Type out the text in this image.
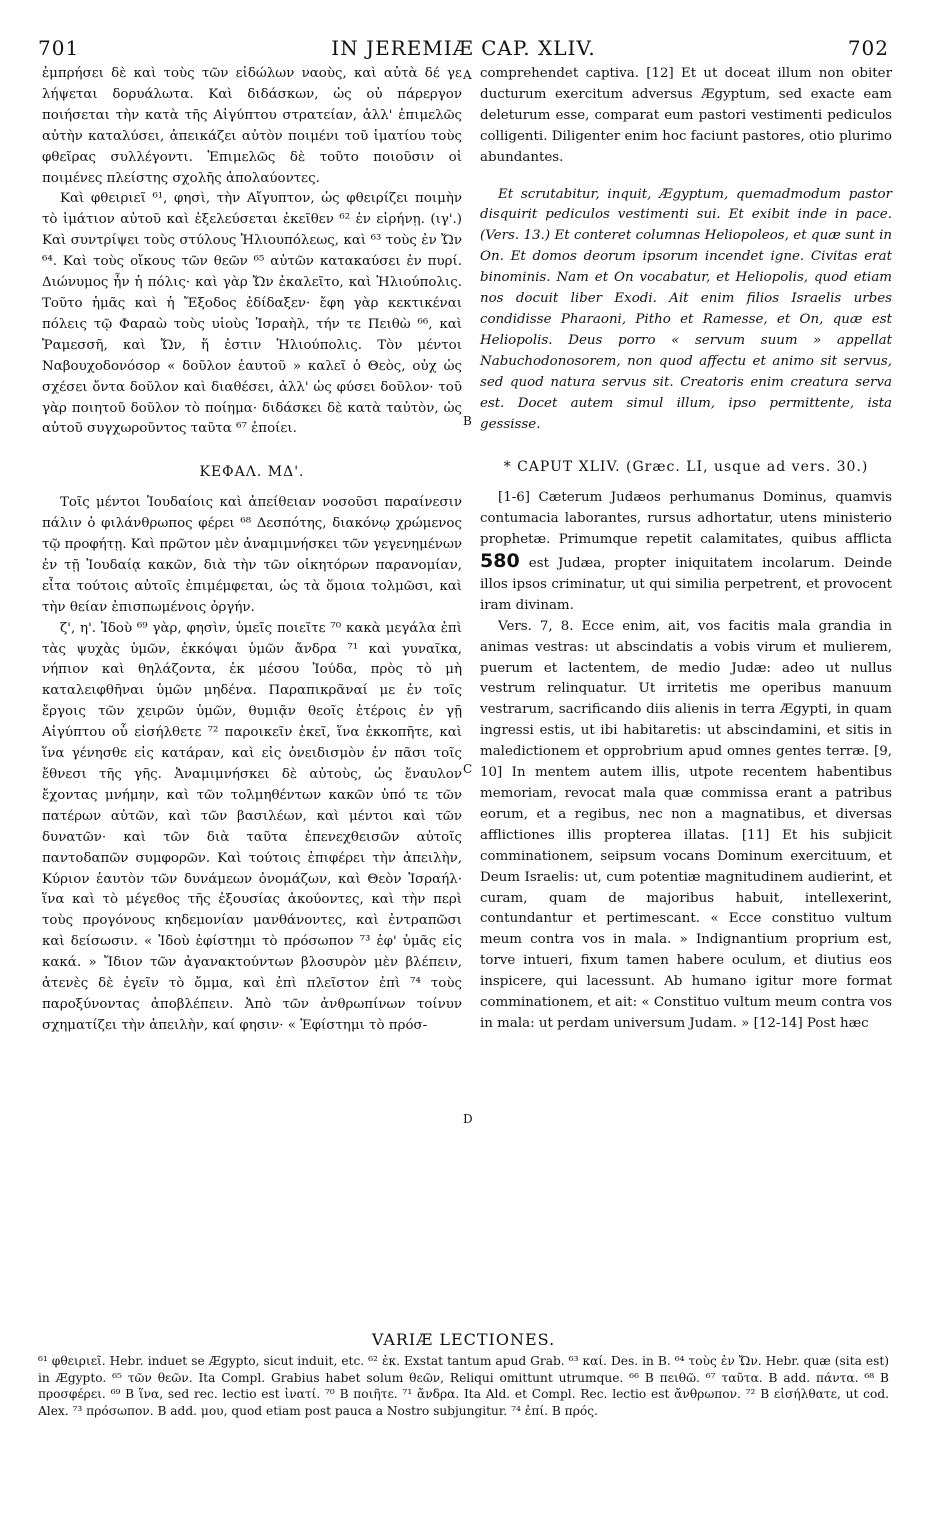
701	IN JEREMIÆ CAP. XLIV.	702

ἐμπρήσει δὲ καὶ τοὺς τῶν εἰδώλων ναοὺς, καὶ αὐτὰ δέ γε λήψεται δορυάλωτα. Καὶ διδάσκων, ὡς οὐ πάρεργον ποιήσεται τὴν κατὰ τῆς Αἰγύπτου στρατείαν, ἀλλ' ἐπιμελῶς αὐτὴν καταλύσει, ἀπεικάζει αὐτὸν ποιμένι τοῦ ἱματίου τοὺς φθεῖρας συλλέγοντι. Ἐπιμελῶς δὲ τοῦτο ποιοῦσιν οἱ ποιμένες πλείστης σχολῆς ἀπολαύοντες.

Καὶ φθειριεῖ ⁶¹, φησὶ, τὴν Αἴγυπτον, ὡς φθειρίζει ποιμὴν τὸ ἱμάτιον αὐτοῦ καὶ ἐξελεύσεται ἐκεῖθεν ⁶² ἐν εἰρήνῃ. (ιγ'.) Καὶ συντρίψει τοὺς στύλους Ἡλιουπόλεως, καὶ ⁶³ τοὺς ἐν Ὤν ⁶⁴. Καὶ τοὺς οἴκους τῶν θεῶν ⁶⁵ αὐτῶν κατακαύσει ἐν πυρί. Διώνυμος ἦν ἡ πόλις· καὶ γὰρ Ὤν ἐκαλεῖτο, καὶ Ἡλιούπολις. Τοῦτο ἡμᾶς καὶ ἡ Ἔξοδος ἐδίδαξεν· ἔφη γὰρ κεκτικέναι πόλεις τῷ Φαραὼ τοὺς υἱοὺς Ἰσραὴλ, τήν τε Πειθὼ ⁶⁶, καὶ Ῥαμεσσῆ, καὶ Ὤν, ἥ ἐστιν Ἡλιούπολις. Τὸν μέντοι Ναβουχοδονόσορ « δοῦλον ἑαυτοῦ » καλεῖ ὁ Θεὸς, οὐχ ὡς σχέσει ὄντα δοῦλον καὶ διαθέσει, ἀλλ' ὡς φύσει δοῦλον· τοῦ γὰρ ποιητοῦ δοῦλον τὸ ποίημα· διδάσκει δὲ κατὰ ταὐτὸν, ὡς αὐτοῦ συγχωροῦντος ταῦτα ⁶⁷ ἐποίει.

ΚΕΦΑΛ. ΜΔ'.

Τοῖς μέντοι Ἰουδαίοις καὶ ἀπείθειαν νοσοῦσι παραίνεσιν πάλιν ὁ φιλάνθρωπος φέρει ⁶⁸ Δεσπότης, διακόνῳ χρώμενος τῷ προφήτῃ. Καὶ πρῶτον μὲν ἀναμιμνήσκει τῶν γεγενημένων ἐν τῇ Ἰουδαίᾳ κακῶν, διὰ τὴν τῶν οἰκητόρων παρανομίαν, εἶτα τούτοις αὐτοῖς ἐπιμέμφεται, ὡς τὰ ὅμοια τολμῶσι, καὶ τὴν θείαν ἐπισπωμένοις ὀργήν.

ζ', η'. Ἰδοὺ ⁶⁹ γὰρ, φησὶν, ὑμεῖς ποιεῖτε ⁷⁰ κακὰ μεγάλα ἐπὶ τὰς ψυχὰς ὑμῶν, ἐκκόψαι ὑμῶν ἄνδρα ⁷¹ καὶ γυναῖκα, νήπιον καὶ θηλάζοντα, ἐκ μέσου Ἰούδα, πρὸς τὸ μὴ καταλειφθῆναι ὑμῶν μηδένα. Παραπικρᾶναί με ἐν τοῖς ἔργοις τῶν χειρῶν ὑμῶν, θυμιᾷν θεοῖς ἑτέροις ἐν γῇ Αἰγύπτου οὗ εἰσήλθετε ⁷² παροικεῖν ἐκεῖ, ἵνα ἐκκοπῆτε, καὶ ἵνα γένησθε εἰς κατάραν, καὶ εἰς ὀνειδισμὸν ἐν πᾶσι τοῖς ἔθνεσι τῆς γῆς. Ἀναμιμνήσκει δὲ αὐτοὺς, ὡς ἔναυλον ἔχοντας μνήμην, καὶ τῶν τολμηθέντων κακῶν ὑπό τε τῶν πατέρων αὐτῶν, καὶ τῶν βασιλέων, καὶ μέντοι καὶ τῶν δυνατῶν· καὶ τῶν διὰ ταῦτα ἐπενεχθεισῶν αὐτοῖς παντοδαπῶν συμφορῶν. Καὶ τούτοις ἐπιφέρει τὴν ἀπειλὴν, Κύριον ἑαυτὸν τῶν δυνάμεων ὀνομάζων, καὶ Θεὸν Ἰσραήλ· ἵνα καὶ τὸ μέγεθος τῆς ἐξουσίας ἀκούοντες, καὶ τὴν περὶ τοὺς προγόνους κηδεμονίαν μανθάνοντες, καὶ ἐντραπῶσι καὶ δείσωσιν. « Ἰδοὺ ἐφίστημι τὸ πρόσωπον ⁷³ ἐφ' ὑμᾶς εἰς κακά. » Ἴδιον τῶν ἀγανακτούντων βλοσυρὸν μὲν βλέπειν, ἀτενὲς δὲ ἐγεῖν τὸ ὄμμα, καὶ ἐπὶ πλεῖστον ἐπὶ ⁷⁴ τοὺς παροξύνοντας ἀποβλέπειν. Ἀπὸ τῶν ἀνθρωπίνων τοίνυν σχηματίζει τὴν ἀπειλὴν, καί φησιν· « Ἐφίστημι τὸ πρόσ-

A
B
C
D

comprehendet captiva. [12] Et ut doceat illum non obiter ducturum exercitum adversus Ægyptum, sed exacte eam deleturum esse, comparat eum pastori vestimenti pediculos colligenti. Diligenter enim hoc faciunt pastores, otio plurimo abundantes.

Et scrutabitur, inquit, Ægyptum, quemadmodum pastor disquirit pediculos vestimenti sui. Et exibit inde in pace. (Vers. 13.) Et conteret columnas Heliopoleos, et quæ sunt in On. Et domos deorum ipsorum incendet igne. Civitas erat binominis. Nam et On vocabatur, et Heliopolis, quod etiam nos docuit liber Exodi. Ait enim filios Israelis urbes condidisse Pharaoni, Pitho et Ramesse, et On, quæ est Heliopolis. Deus porro « servum suum » appellat Nabuchodonosorem, non quod affectu et animo sit servus, sed quod natura servus sit. Creatoris enim creatura serva est. Docet autem simul illum, ipso permittente, ista gessisse.

* CAPUT XLIV. (Græc. LI, usque ad vers. 30.)

[1-6] Cæterum Judæos perhumanus Dominus, quamvis contumacia laborantes, rursus adhortatur, utens ministerio prophetæ. Primumque repetit calamitates, quibus afflicta 580 est Judæa, propter iniquitatem incolarum. Deinde illos ipsos criminatur, ut qui similia perpetrent, et provocent iram divinam.

Vers. 7, 8. Ecce enim, ait, vos facitis mala grandia in animas vestras: ut abscindatis a vobis virum et mulierem, puerum et lactentem, de medio Judæ: adeo ut nullus vestrum relinquatur. Ut irritetis me operibus manuum vestrarum, sacrificando diis alienis in terra Ægypti, in quam ingressi estis, ut ibi habitaretis: ut abscindamini, et sitis in maledictionem et opprobrium apud omnes gentes terræ. [9, 10] In mentem autem illis, utpote recentem habentibus memoriam, revocat mala quæ commissa erant a patribus eorum, et a regibus, nec non a magnatibus, et diversas afflictiones illis propterea illatas. [11] Et his subjicit comminationem, seipsum vocans Dominum exercituum, et Deum Israelis: ut, cum potentiæ magnitudinem audierint, et curam, quam de majoribus habuit, intellexerint, contundantur et pertimescant. « Ecce constituo vultum meum contra vos in mala. » Indignantium proprium est, torve intueri, fixum tamen habere oculum, et diutius eos inspicere, qui lacessunt. Ab humano igitur more format comminationem, et ait: « Constituo vultum meum contra vos in mala: ut perdam universum Judam. » [12-14] Post hæc

VARIÆ LECTIONES.
⁶¹ φθειριεῖ. Hebr. induet se Ægypto, sicut induit, etc. ⁶² ἐκ. Exstat tantum apud Grab. ⁶³ καί. Des. in B. ⁶⁴ τοὺς ἐν Ὤν. Hebr. quæ (sita est) in Ægypto. ⁶⁵ τῶν θεῶν. Ita Compl. Grabius habet solum θεῶν, Reliqui omittunt utrumque. ⁶⁶ B πειθῶ. ⁶⁷ ταῦτα. B add. πάντα. ⁶⁸ B προσφέρει. ⁶⁹ B ἵνα, sed rec. lectio est ἰνατί. ⁷⁰ B ποιῆτε. ⁷¹ ἄνδρα. Ita Ald. et Compl. Rec. lectio est ἄνθρωπον. ⁷² B εἰσήλθατε, ut cod. Alex. ⁷³ πρόσωπον. B add. μου, quod etiam post pauca a Nostro subjungitur. ⁷⁴ ἐπί. B πρός.
